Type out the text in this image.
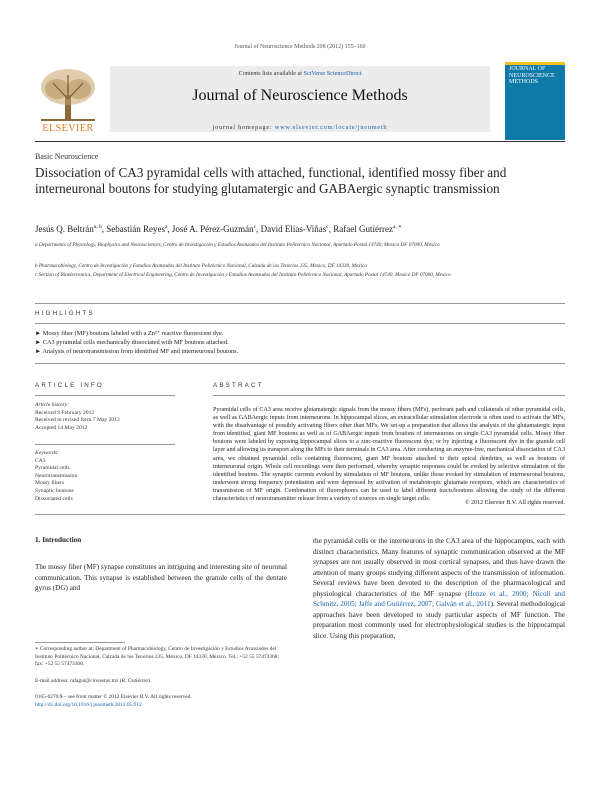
Journal of Neuroscience Methods 208 (2012) 155–160
Contents lists available at SciVerse ScienceDirect
Journal of Neuroscience Methods
journal homepage: www.elsevier.com/locate/jneumeth
ELSEVIER
JOURNAL OF NEUROSCIENCE METHODS
Basic Neuroscience
Dissociation of CA3 pyramidal cells with attached, functional, identified mossy fiber and interneuronal boutons for studying glutamatergic and GABAergic synaptic transmission
Jesús Q. Beltrán$^{a, b}$, Sebastián Reyes$^a$, José A. Pérez-Guzmán$^c$, David Elías-Viñas$^c$, Rafael Gutiérrez$^{a, ∗}$
a Departments of Physiology, Biophysics and Neurosciences, Centro de Investigación y Estudios Avanzados del Instituto Politécnico Nacional, Apartado Postal 14740, Mexico DF 07000, Mexico
b Pharmacobiology, Centro de Investigación y Estudios Avanzados del Instituto Politécnico Nacional, Calzada de los Tenorios 235, Mexico, DF 14330, Mexico
c Section of Bioelectronics, Department of Electrical Engineering, Centro de Investigación y Estudios Avanzados del Instituto Politécnico Nacional, Apartado Postal 14740, Mexico DF 07000, Mexico
HIGHLIGHTS
► Mossy fiber (MF) boutons labeled with a Zn²⁺ reactive fluorescent dye.
► CA3 pyramidal cells mechanically dissociated with MF boutons attached.
► Analysis of neurotransmission from identified MF and interneuronal boutons.
ARTICLE INFO
Article history:
Received 9 February 2012
Received in revised form 7 May 2012
Accepted 14 May 2012
Keywords:
CA3
Pyramidal cells
Neurotransmission
Mossy fibers
Synaptic boutons
Dissociated cells
ABSTRACT
Pyramidal cells of CA3 area receive glutamatergic signals from the mossy fibers (MFs), perforant path and collaterals of other pyramidal cells, as well as GABAergic inputs from interneurons. In hippocampal slices, an extracellular stimulation electrode is often used to activate the MFs, with the disadvantage of possibly activating fibers other than MFs. We set-up a preparation that allows the analysis of the glutamatergic input from identified, giant MF boutons as well as of GABAergic inputs from boutons of interneurons on single CA3 pyramidal cells. Mossy fiber boutons were labeled by exposing hippocampal slices to a zinc-reactive fluorescent dye, or by injecting a fluorescent dye in the granule cell layer and allowing its transport along the MFs to their terminals in CA3 area. After conducting an enzyme-free, mechanical dissociation of CA3 area, we obtained pyramidal cells containing fluorescent, giant MF boutons attached to their apical dendrites, as well as boutons of interneuronal origin. Whole cell recordings were then performed, whereby synaptic responses could be evoked by selective stimulation of the identified boutons. The synaptic currents evoked by stimulation of MF boutons, unlike those evoked by stimulation of interneuronal boutons, underwent strong frequency potentiation and were depressed by activation of metabotropic glutamate receptors, which are characteristics of transmission of MF origin. Combination of fluorophores can be used to label different tracts/boutons allowing the study of the different characteristics of neurotransmitter release from a variety of sources on single target cells.
© 2012 Elsevier B.V. All rights reserved.
1. Introduction
The mossy fiber (MF) synapse constitutes an intriguing and interesting site of neuronal communication. This synapse is established between the granule cells of the dentate gyrus (DG) and
the pyramidal cells or the interneurons in the CA3 area of the hippocampus, each with distinct characteristics. Many features of synaptic communication observed at the MF synapses are not usually observed in most cortical synapses, and thus have drawn the attention of many groups studying different aspects of the transmission of information. Several reviews have been devoted to the description of the pharmacological and physiological characteristics of the MF synapse (Henze et al., 2000; Nicoll and Schmitz, 2005; Jaffe and Gutiérrez, 2007; Galván et al., 2011). Several methodological approaches have been developed to study particular aspects of MF function. The preparation most commonly used for electrophysiological studies is the hippocampal slice. Using this preparation,
∗ Corresponding author at: Department of Pharmacobiology, Centro de Investigación y Estudios Avanzados del Instituto Politécnico Nacional, Calzada de los Tenorios 235, México, DF 14330, Mexico. Tel.: +52 55 57473368; fax: +52 55 57473368.
E-mail address: rafagut@cinvestav.mx (R. Gutiérrez).
0165-0270/$ – see front matter © 2012 Elsevier B.V. All rights reserved.
http://dx.doi.org/10.1016/j.jneumeth.2012.05.012
